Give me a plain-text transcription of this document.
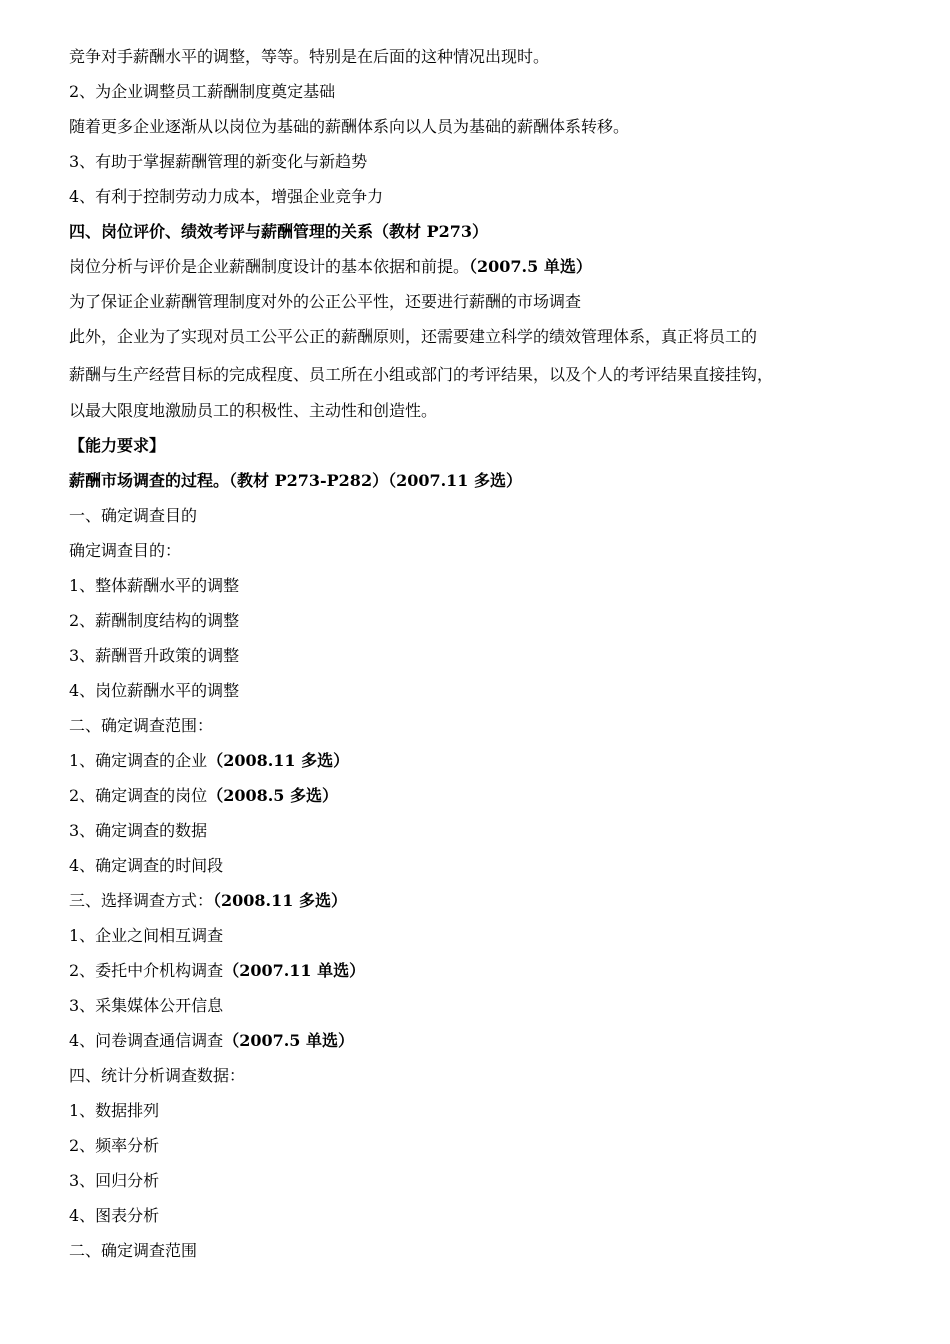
竞争对手薪酬水平的调整，等等。特别是在后面的这种情况出现时。
2、为企业调整员工薪酬制度奠定基础
随着更多企业逐渐从以岗位为基础的薪酬体系向以人员为基础的薪酬体系转移。
3、有助于掌握薪酬管理的新变化与新趋势
4、有利于控制劳动力成本，增强企业竞争力
四、岗位评价、绩效考评与薪酬管理的关系（教材 P273）
岗位分析与评价是企业薪酬制度设计的基本依据和前提。（2007.5 单选）
为了保证企业薪酬管理制度对外的公正公平性，还要进行薪酬的市场调查
此外，企业为了实现对员工公平公正的薪酬原则，还需要建立科学的绩效管理体系，真正将员工的
薪酬与生产经营目标的完成程度、员工所在小组或部门的考评结果，以及个人的考评结果直接挂钩，
以最大限度地激励员工的积极性、主动性和创造性。
【能力要求】
薪酬市场调查的过程。（教材 P273-P282）（2007.11 多选）
一、确定调查目的
确定调查目的：
1、整体薪酬水平的调整
2、薪酬制度结构的调整
3、薪酬晋升政策的调整
4、岗位薪酬水平的调整
二、确定调查范围：
1、确定调查的企业（2008.11 多选）
2、确定调查的岗位（2008.5 多选）
3、确定调查的数据
4、确定调查的时间段
三、选择调查方式：（2008.11 多选）
1、企业之间相互调查
2、委托中介机构调查（2007.11 单选）
3、采集媒体公开信息
4、问卷调查通信调查（2007.5 单选）
四、统计分析调查数据：
1、数据排列
2、频率分析
3、回归分析
4、图表分析
二、确定调查范围
